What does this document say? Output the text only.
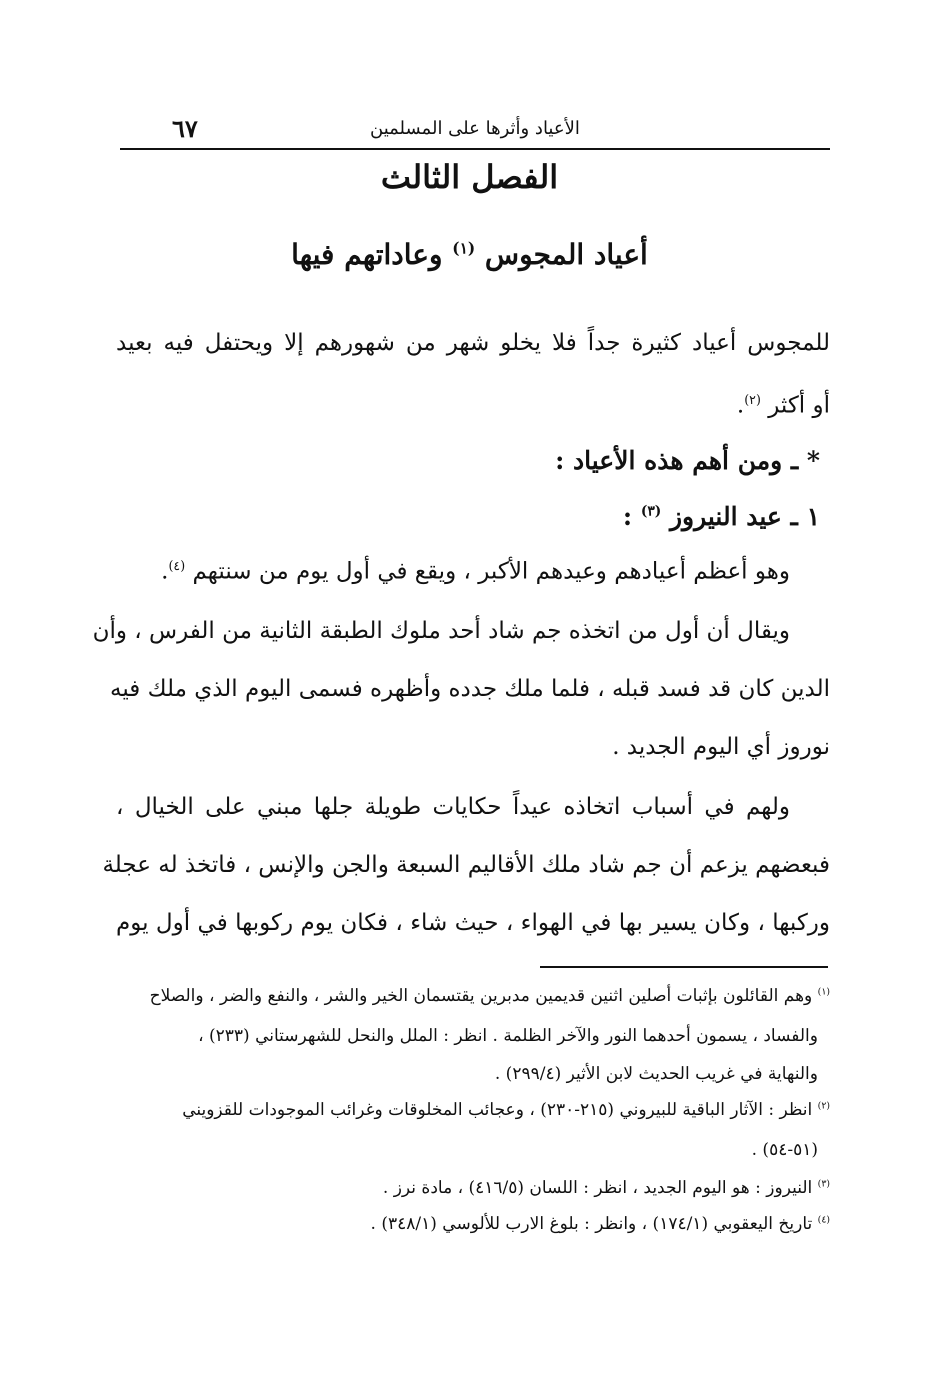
٦٧	الأعياد وأثرها على المسلمين
الفصل الثالث
أعياد المجوس $^{(١)}$ وعاداتهم فيها
للمجوس أعياد كثيرة جداً فلا يخلو شهر من شهورهم إلا ويحتفل فيه بعيد
أو أكثر $^{(٢)}$.
* ـ ومن أهم هذه الأعياد :
١ ـ عيد النيروز $^{(٣)}$ :
وهو أعظم أعيادهم وعيدهم الأكبر ، ويقع في أول يوم من سنتهم $^{(٤)}$.
ويقال أن أول من اتخذه جم شاد أحد ملوك الطبقة الثانية من الفرس ، وأن
الدين كان قد فسد قبله ، فلما ملك جدده وأظهره فسمى اليوم الذي ملك فيه
نوروز أي اليوم الجديد .
ولهم في أسباب اتخاذه عيداً حكايات طويلة جلها مبني على الخيال ،
فبعضهم يزعم أن جم شاد ملك الأقاليم السبعة والجن والإنس ، فاتخذ له عجلة
وركبها ، وكان يسير بها في الهواء ، حيث شاء ، فكان يوم ركوبها في أول يوم
$^{(١)}$ وهم القائلون بإثبات أصلين اثنين قديمين مدبرين يقتسمان الخير والشر ، والنفع والضر ، والصلاح
والفساد ، يسمون أحدهما النور والآخر الظلمة . انظر : الملل والنحل للشهرستاني (٢٣٣) ،
والنهاية في غريب الحديث لابن الأثير (٢٩٩/٤) .
$^{(٢)}$ انظر : الآثار الباقية للبيروني (٢١٥-٢٣٠) ، وعجائب المخلوقات وغرائب الموجودات للقزويني
(٥١-٥٤) .
$^{(٣)}$ النيروز : هو اليوم الجديد ، انظر : اللسان (٤١٦/٥) ، مادة نرز .
$^{(٤)}$ تاريخ اليعقوبي (١٧٤/١) ، وانظر : بلوغ الارب للألوسي (٣٤٨/١) .
